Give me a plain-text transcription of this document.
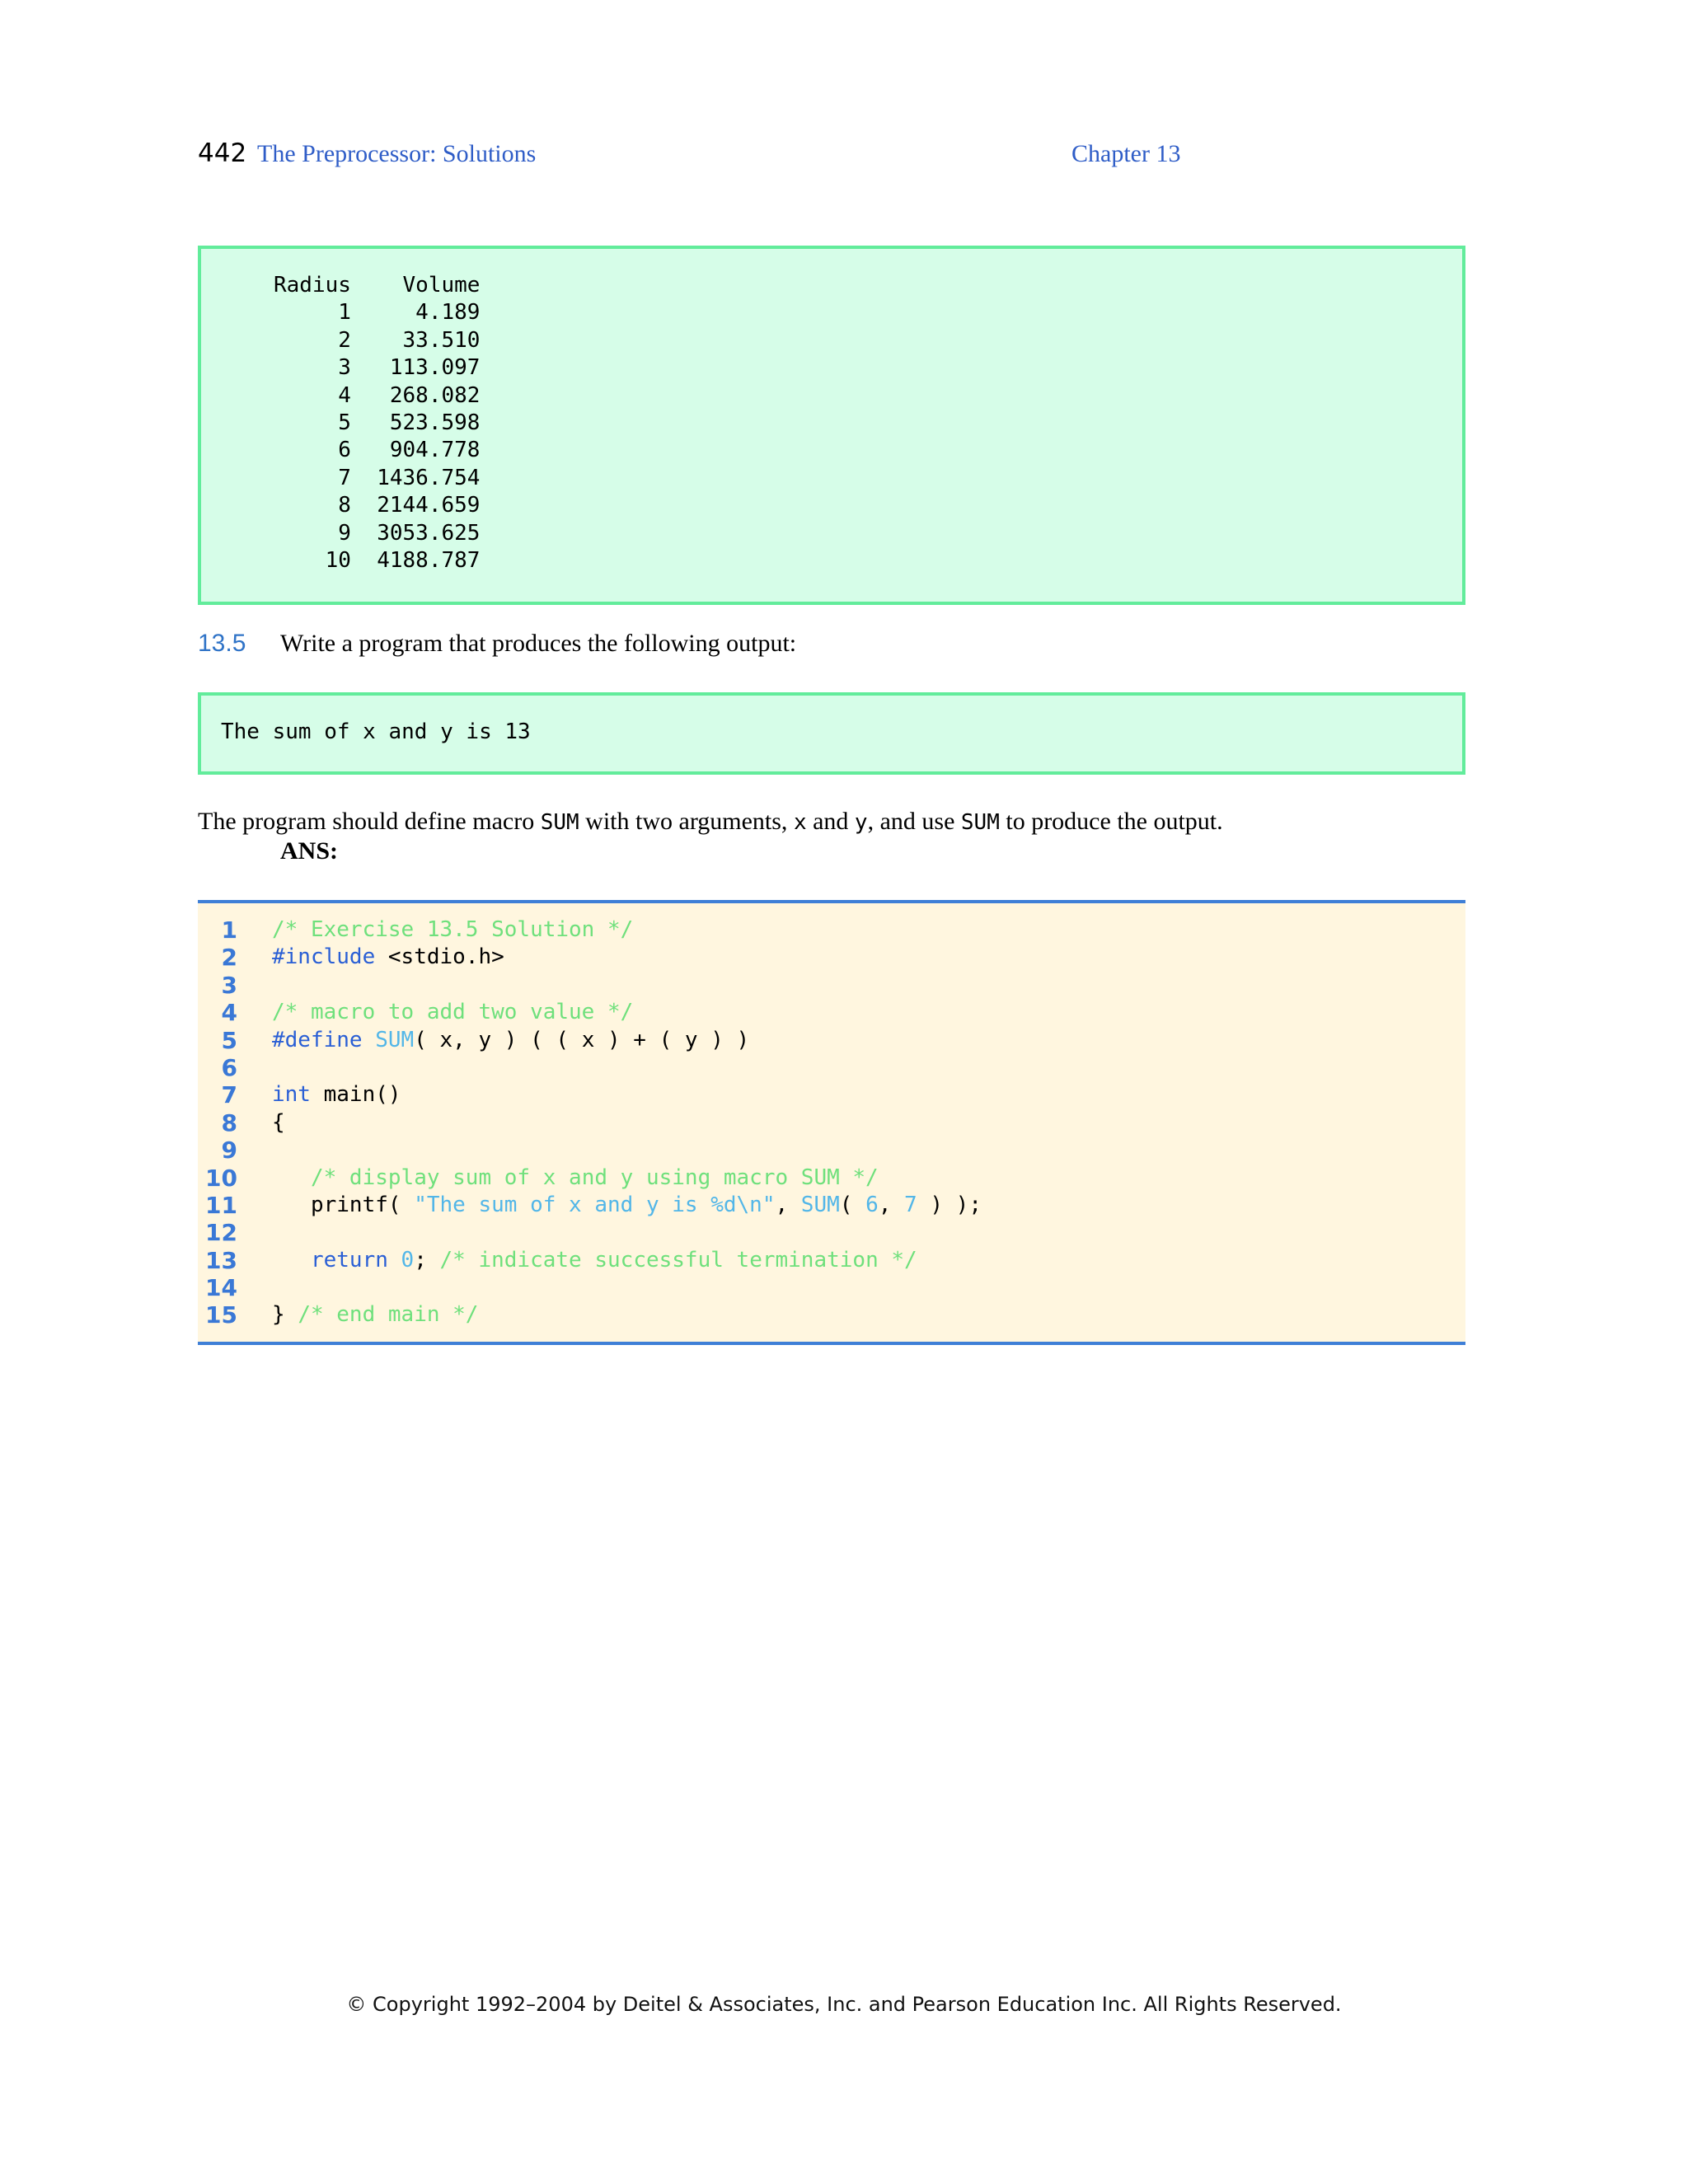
442 The Preprocessor: Solutions	Chapter 13
Radius    Volume
1     4.189
2    33.510
3   113.097
4   268.082
5   523.598
6   904.778
7  1436.754
8  2144.659
9  3053.625
10  4188.787
13.5 Write a program that produces the following output:
The sum of x and y is 13
The program should define macro SUM with two arguments, x and y, and use SUM to produce the output.
ANS:
1 /* Exercise 13.5 Solution */
2 #include <stdio.h>
3
4 /* macro to add two value */
5 #define SUM( x, y ) ( ( x ) + ( y ) )
6
7 int main()
8 {
9
10	/* display sum of x and y using macro SUM */
11 printf( "The sum of x and y is %d\n", SUM( 6, 7 ) );
12
13	return 0; /* indicate successful termination */
14
15 } /* end main */
© Copyright 1992–2004 by Deitel & Associates, Inc. and Pearson Education Inc. All Rights Reserved.
